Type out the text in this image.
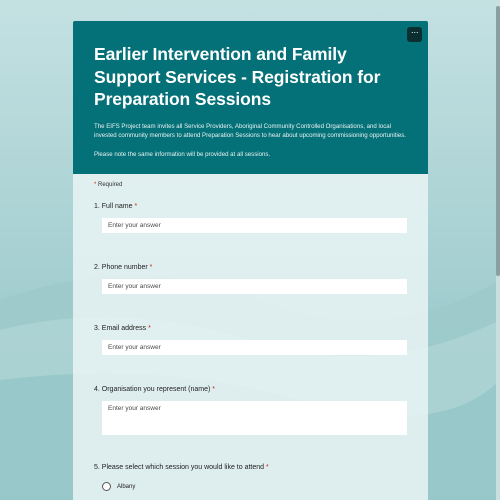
···
Earlier Intervention and Family Support Services - Registration for Preparation Sessions
The EIFS Project team invites all Service Providers, Aboriginal Community Controlled Organisations, and local invested community members to attend Preparation Sessions to hear about upcoming commissioning opportunities.
Please note the same information will be provided at all sessions.
* Required
1. Full name *
Enter your answer
2. Phone number *
Enter your answer
3. Email address *
Enter your answer
4. Organisation you represent (name) *
Enter your answer
5. Please select which session you would like to attend *
Albany
